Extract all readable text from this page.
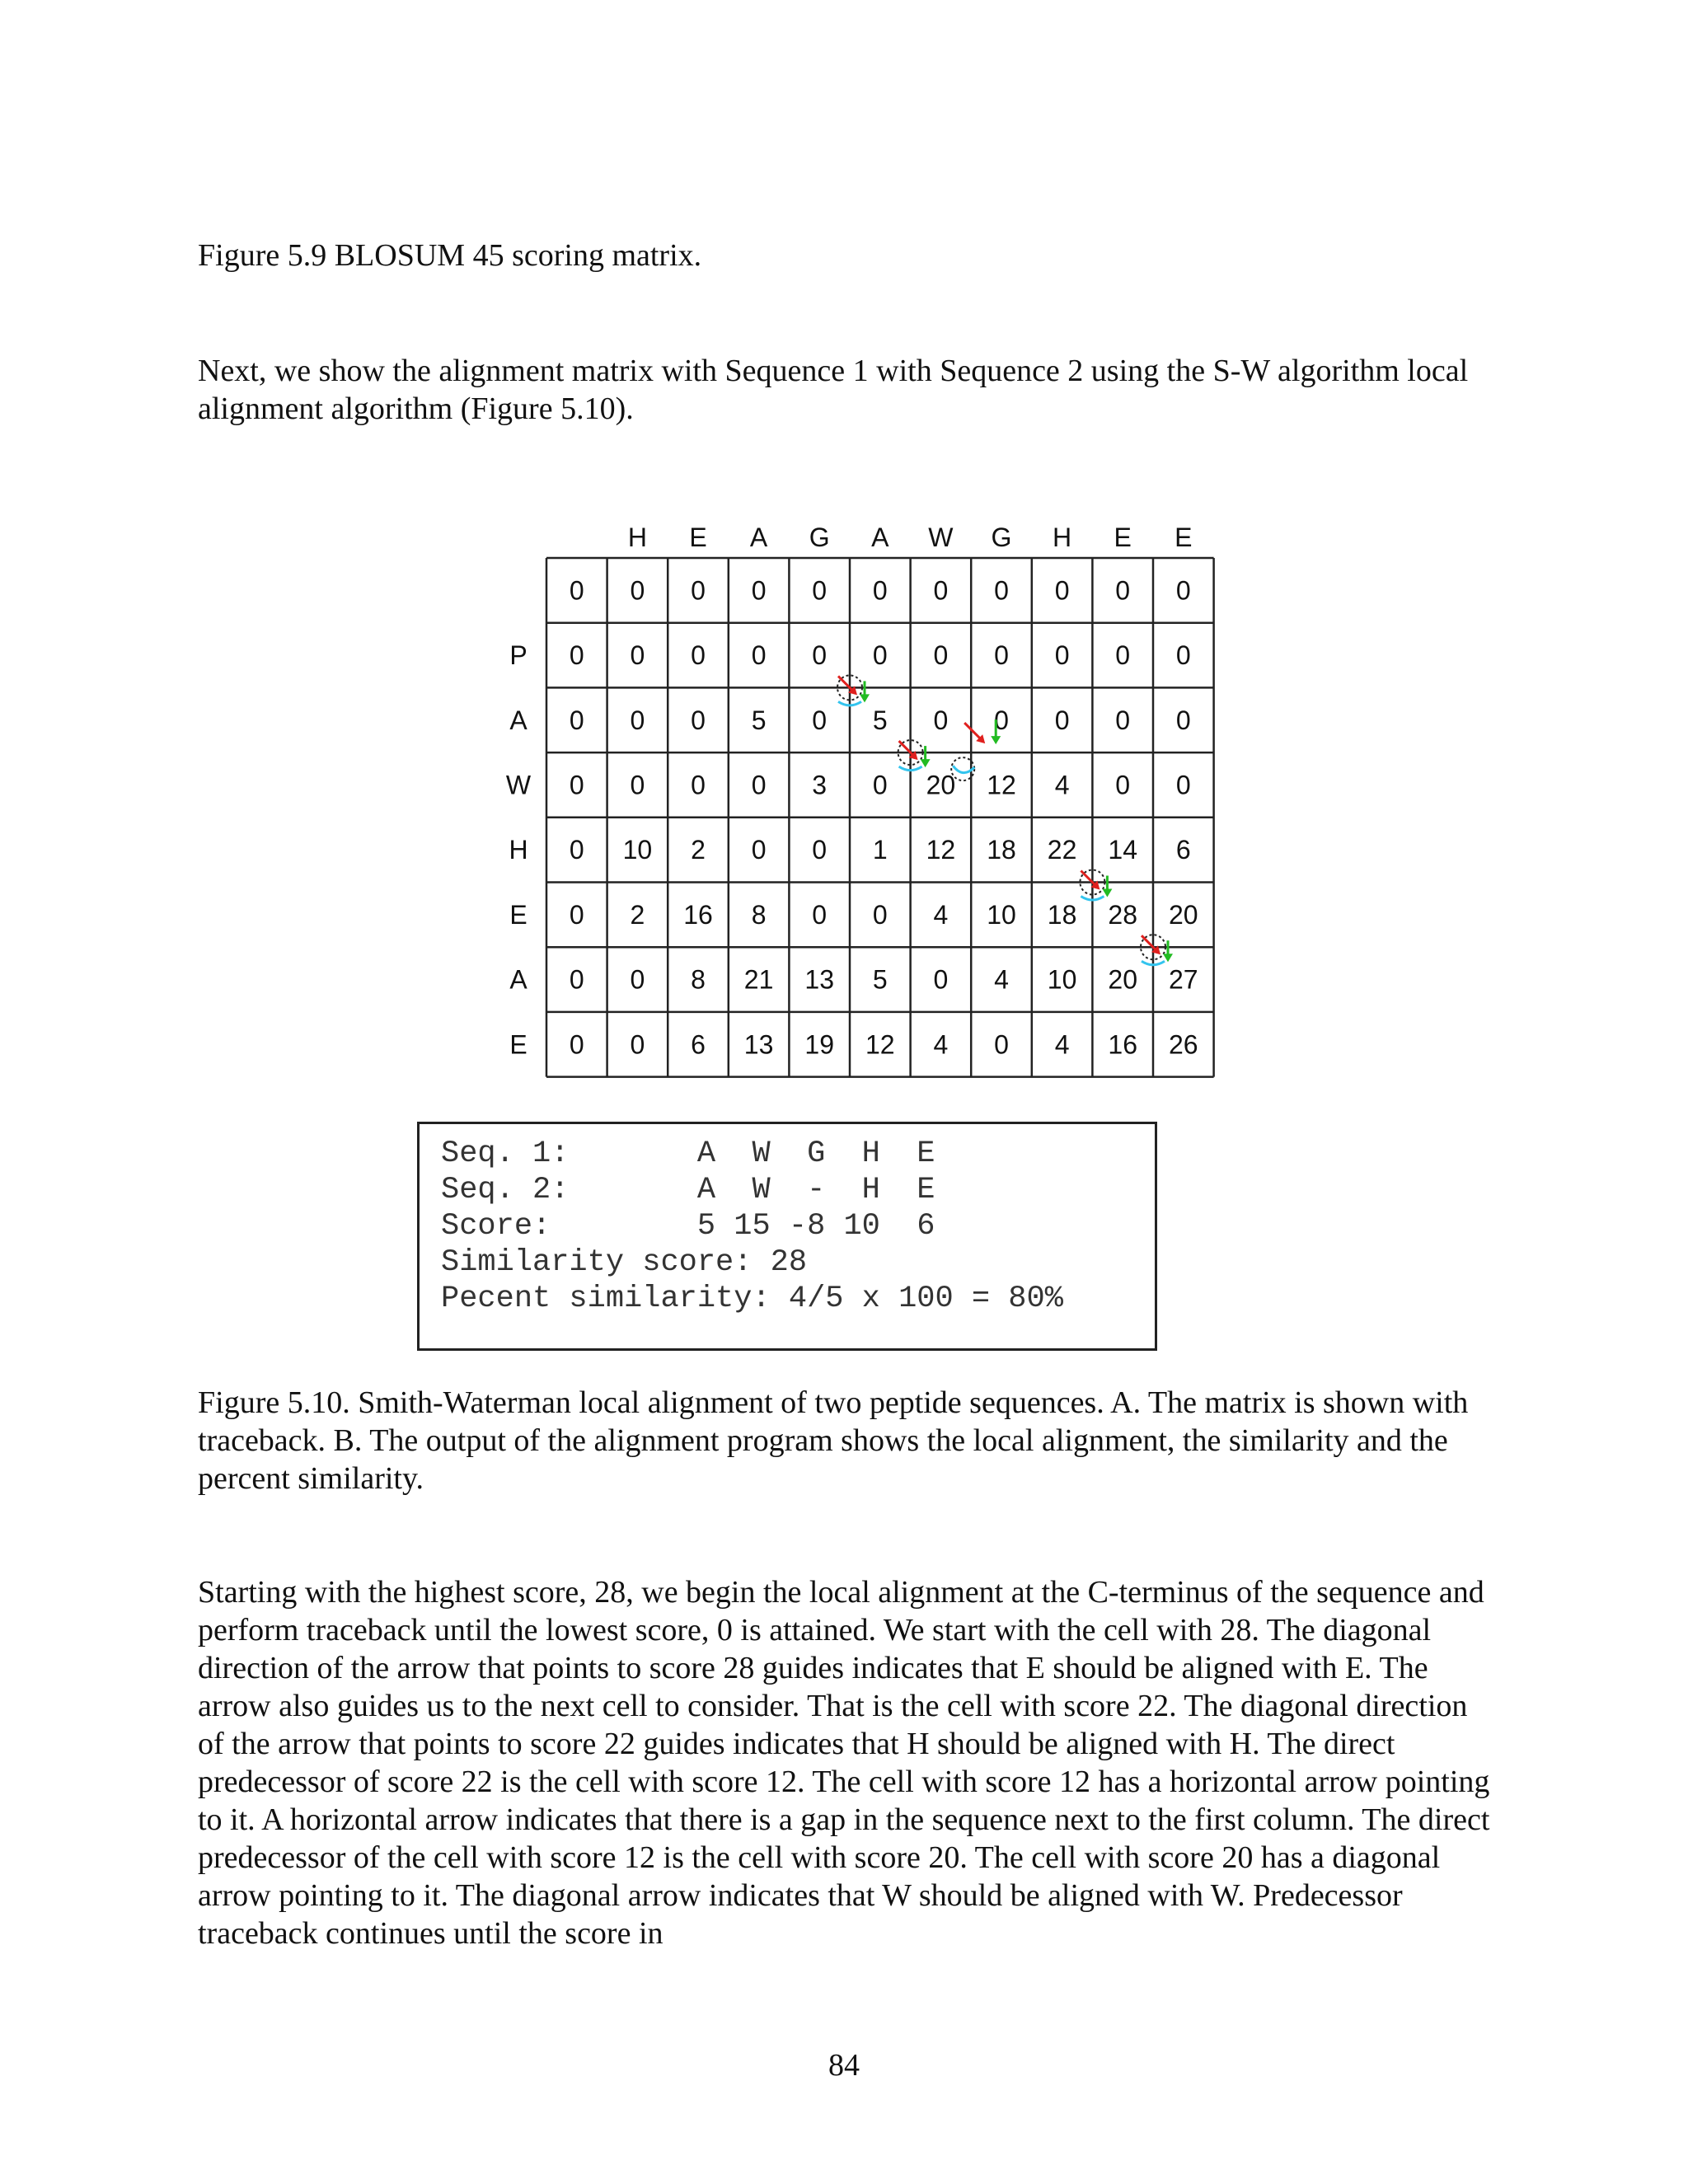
Figure 5.9 BLOSUM 45 scoring matrix.

Next, we show the alignment matrix with Sequence 1 with Sequence 2 using the S-W algorithm local alignment algorithm (Figure 5.10).

H E A G A W G H E E
P
A
W
H
E
A
E
0 0 0 0 0 0 0 0 0 0 0
0 0 0 0 0 0 0 0 0 0 0
0 0 0 5 0 5 0 0 0 0 0
0 0 0 0 3 0 20 12 4 0 0
0 10 2 0 0 1 12 18 22 14 6
0 2 16 8 0 0 4 10 18 28 20
0 0 8 21 13 5 0 4 10 20 27
0 0 6 13 19 12 4 0 4 16 26

Seq. 1:       A  W  G  H  E

Seq. 2:       A  W  -  H  E

Score:        5 15 -8 10  6

Similarity score: 28

Pecent similarity: 4/5 x 100 = 80%

Figure 5.10. Smith-Waterman local alignment of two peptide sequences. A. The matrix is shown with traceback. B. The output of the alignment program shows the local alignment, the similarity and the percent similarity.

Starting with the highest score, 28, we begin the local alignment at the C-terminus of the sequence and perform traceback until the lowest score, 0 is attained. We start with the cell with 28. The diagonal direction of the arrow that points to score 28 guides indicates that E should be aligned with E. The arrow also guides us to the next cell to consider. That is the cell with score 22. The diagonal direction of the arrow that points to score 22 guides indicates that H should be aligned with H. The direct predecessor of score 22 is the cell with score 12. The cell with score 12 has a horizontal arrow pointing to it. A horizontal arrow indicates that there is a gap in the sequence next to the first column. The direct predecessor of the cell with score 12 is the cell with score 20. The cell with score 20 has a diagonal arrow pointing to it. The diagonal arrow indicates that W should be aligned with W. Predecessor traceback continues until the score in

84
